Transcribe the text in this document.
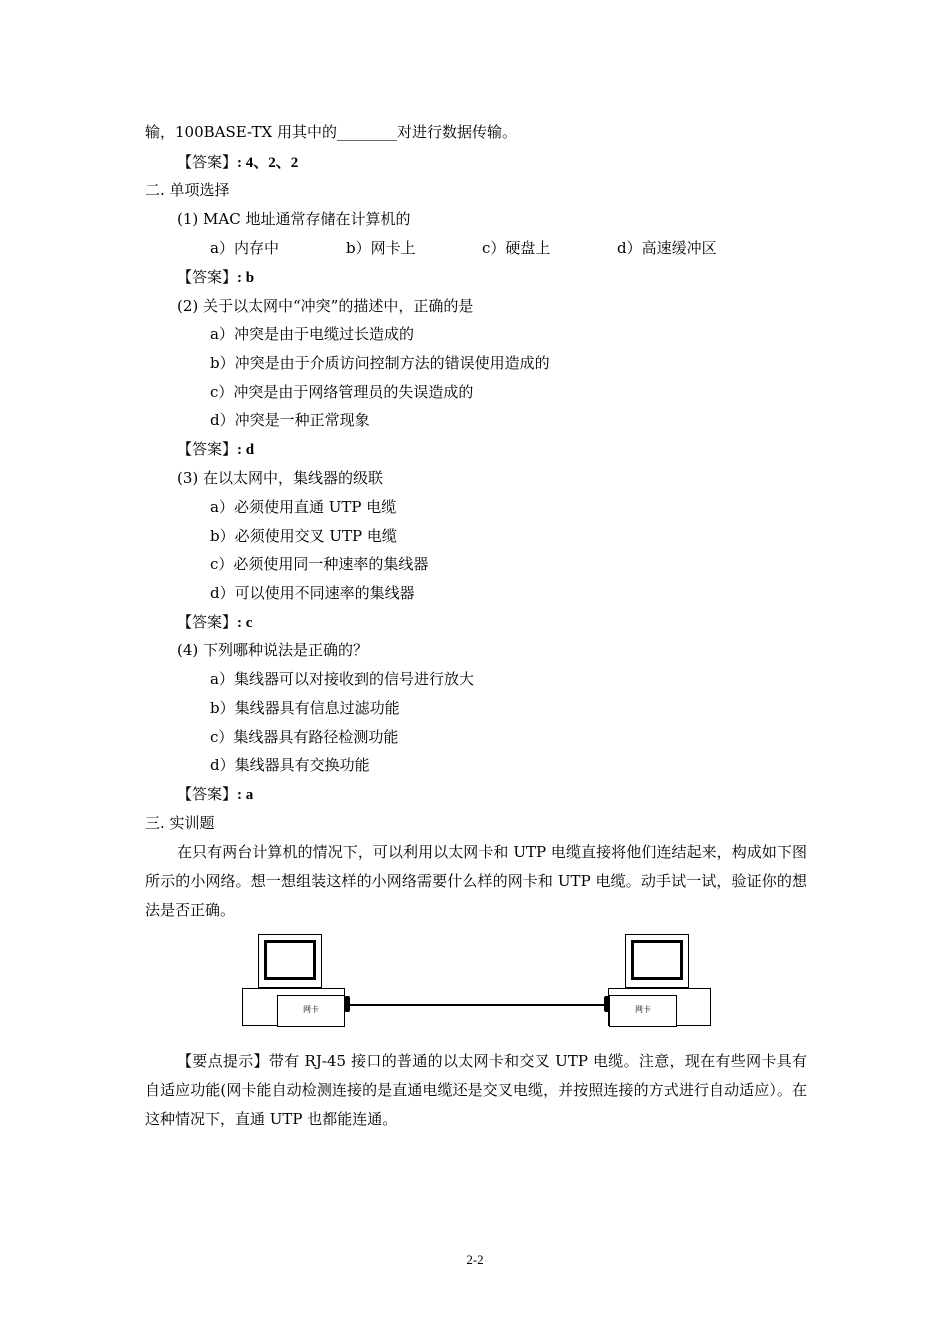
输，100BASE-TX 用其中的________对进行数据传输。
【答案】: 4、2、2
二. 单项选择
(1) MAC 地址通常存储在计算机的
a）内存中	b）网卡上	c）硬盘上	d）高速缓冲区
【答案】: b
(2) 关于以太网中“冲突”的描述中，正确的是
a）冲突是由于电缆过长造成的
b）冲突是由于介质访问控制方法的错误使用造成的
c）冲突是由于网络管理员的失误造成的
d）冲突是一种正常现象
【答案】: d
(3) 在以太网中，集线器的级联
a）必须使用直通 UTP 电缆
b）必须使用交叉 UTP 电缆
c）必须使用同一种速率的集线器
d）可以使用不同速率的集线器
【答案】: c
(4) 下列哪种说法是正确的？
a）集线器可以对接收到的信号进行放大
b）集线器具有信息过滤功能
c）集线器具有路径检测功能
d）集线器具有交换功能
【答案】: a
三. 实训题
在只有两台计算机的情况下，可以利用以太网卡和 UTP 电缆直接将他们连结起来，构成如下图所示的小网络。想一想组装这样的小网络需要什么样的网卡和 UTP 电缆。动手试一试，验证你的想法是否正确。
网卡	网卡
【要点提示】带有 RJ-45 接口的普通的以太网卡和交叉 UTP 电缆。注意，现在有些网卡具有自适应功能(网卡能自动检测连接的是直通电缆还是交叉电缆，并按照连接的方式进行自动适应）。在这种情况下，直通 UTP 也都能连通。
2-2
